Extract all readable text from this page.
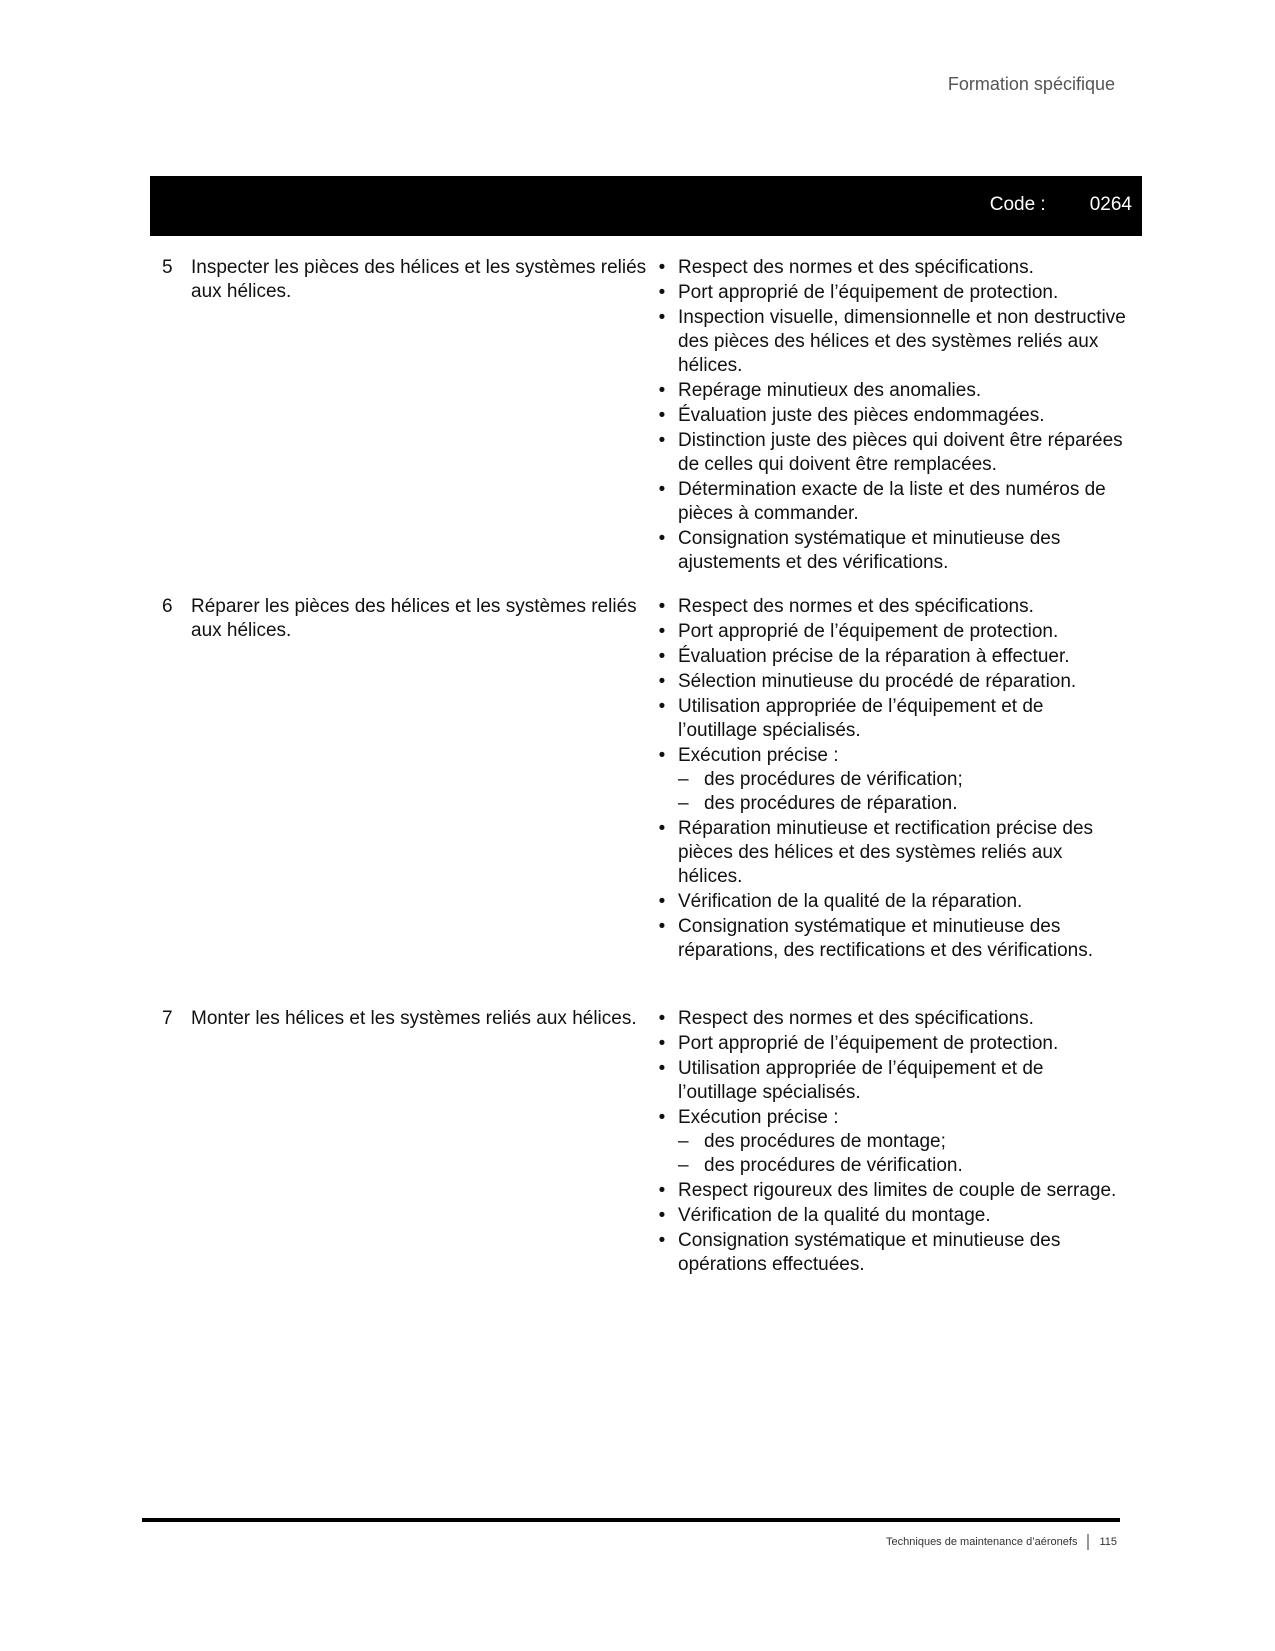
Formation spécifique
Code : 0264
5 Inspecter les pièces des hélices et les systèmes reliés aux hélices.
• Respect des normes et des spécifications.
• Port approprié de l’équipement de protection.
• Inspection visuelle, dimensionnelle et non destructive des pièces des hélices et des systèmes reliés aux hélices.
• Repérage minutieux des anomalies.
• Évaluation juste des pièces endommagées.
• Distinction juste des pièces qui doivent être réparées de celles qui doivent être remplacées.
• Détermination exacte de la liste et des numéros de pièces à commander.
• Consignation systématique et minutieuse des ajustements et des vérifications.
6 Réparer les pièces des hélices et les systèmes reliés aux hélices.
• Respect des normes et des spécifications.
• Port approprié de l’équipement de protection.
• Évaluation précise de la réparation à effectuer.
• Sélection minutieuse du procédé de réparation.
• Utilisation appropriée de l’équipement et de l’outillage spécialisés.
• Exécution précise :
– des procédures de vérification;
– des procédures de réparation.
• Réparation minutieuse et rectification précise des pièces des hélices et des systèmes reliés aux hélices.
• Vérification de la qualité de la réparation.
• Consignation systématique et minutieuse des réparations, des rectifications et des vérifications.
7 Monter les hélices et les systèmes reliés aux hélices.	• Respect des normes et des spécifications.
• Port approprié de l’équipement de protection.
• Utilisation appropriée de l’équipement et de l’outillage spécialisés.
• Exécution précise :
– des procédures de montage;
– des procédures de vérification.
• Respect rigoureux des limites de couple de serrage.
• Vérification de la qualité du montage.
• Consignation systématique et minutieuse des opérations effectuées.
Techniques de maintenance d’aéronefs 115
